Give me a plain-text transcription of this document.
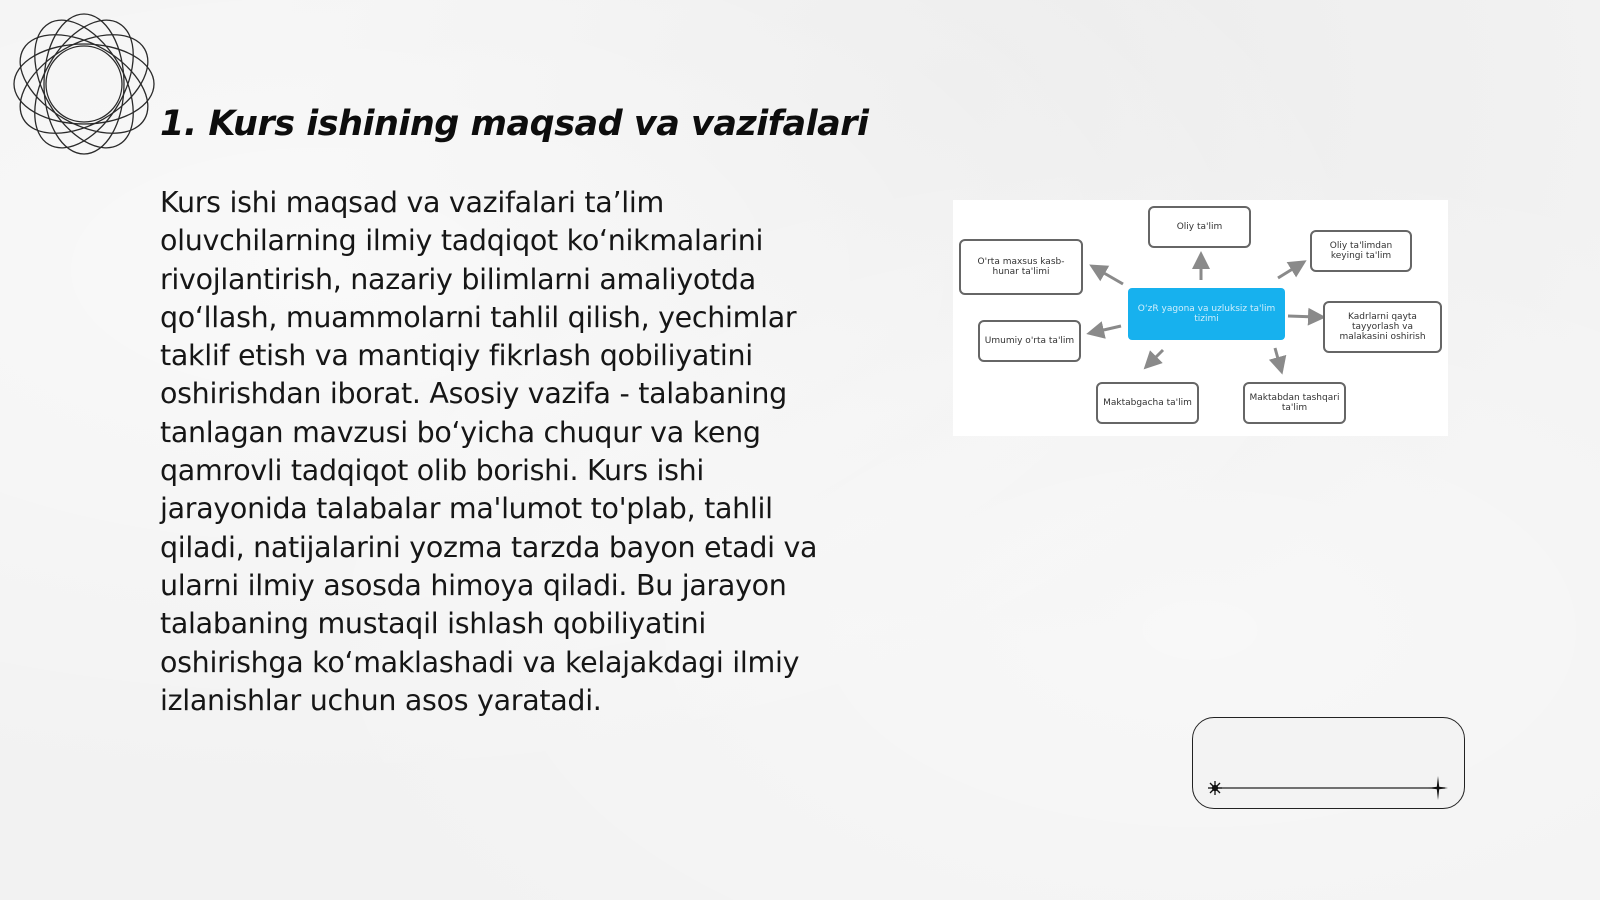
1. Kurs ishining maqsad va vazifalari

Kurs ishi maqsad va vazifalari ta’lim oluvchilarning ilmiy tadqiqot ko‘nikmalarini rivojlantirish, nazariy bilimlarni amaliyotda qo‘llash, muammolarni tahlil qilish, yechimlar taklif etish va mantiqiy fikrlash qobiliyatini oshirishdan iborat. Asosiy vazifa - talabaning tanlagan mavzusi bo‘yicha chuqur va keng qamrovli tadqiqot olib borishi. Kurs ishi jarayonida talabalar ma'lumot to'plab, tahlil qiladi, natijalarini yozma tarzda bayon etadi va ularni ilmiy asosda himoya qiladi. Bu jarayon talabaning mustaqil ishlash qobiliyatini oshirishga ko‘maklashadi va kelajakdagi ilmiy izlanishlar uchun asos yaratadi.

O‘zR yagona va uzluksiz ta'lim tizimi
Oliy ta'lim
Oliy ta'limdan keyingi ta'lim
Kadrlarni qayta tayyorlash va malakasini oshirish
Maktabdan tashqari ta'lim
Maktabgacha ta'lim
Umumiy o'rta ta'lim
O'rta maxsus kasb-hunar ta'limi
